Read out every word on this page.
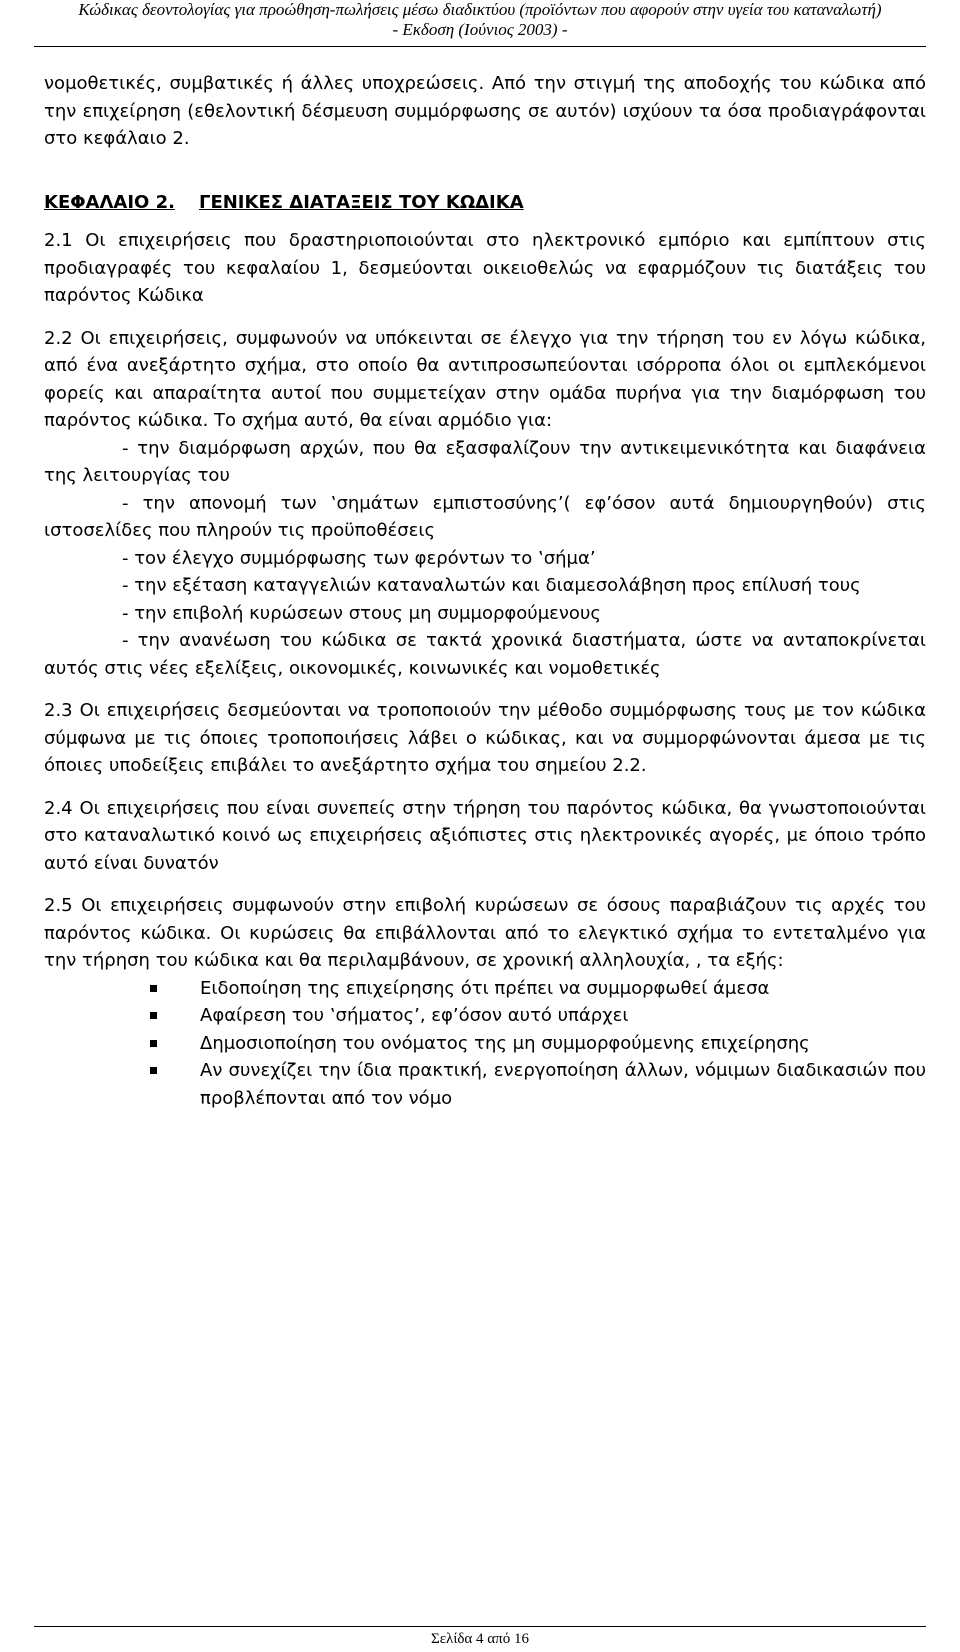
Κώδικας δεοντολογίας για προώθηση-πωλήσεις μέσω διαδικτύου (προϊόντων που αφορούν στην υγεία του καταναλωτή)
- Εκδοση (Ιούνιος 2003) -

νομοθετικές, συμβατικές ή άλλες υποχρεώσεις. Από την στιγμή της αποδοχής του κώδικα από την επιχείρηση (εθελοντική δέσμευση συμμόρφωσης σε αυτόν) ισχύουν τα όσα προδιαγράφονται στο κεφάλαιο 2.

ΚΕΦΑΛΑΙΟ 2. ΓΕΝΙΚΕΣ ΔΙΑΤΑΞΕΙΣ ΤΟΥ ΚΩΔΙΚΑ

2.1 Οι επιχειρήσεις που δραστηριοποιούνται στο ηλεκτρονικό εμπόριο και εμπίπτουν στις προδιαγραφές του κεφαλαίου 1, δεσμεύονται οικειοθελώς να εφαρμόζουν τις διατάξεις του παρόντος Κώδικα

2.2 Οι επιχειρήσεις, συμφωνούν να υπόκεινται σε έλεγχο για την τήρηση του εν λόγω κώδικα, από ένα ανεξάρτητο σχήμα, στο οποίο θα αντιπροσωπεύονται ισόρροπα όλοι οι εμπλεκόμενοι φορείς και απαραίτητα αυτοί που συμμετείχαν στην ομάδα πυρήνα για την διαμόρφωση του παρόντος κώδικα. Το σχήμα αυτό, θα είναι αρμόδιο για:

- την διαμόρφωση αρχών, που θα εξασφαλίζουν την αντικειμενικότητα και διαφάνεια της λειτουργίας του

- την απονομή των ‛σημάτων εμπιστοσύνης’( εφ’όσον αυτά δημιουργηθούν) στις ιστοσελίδες που πληρούν τις προϋποθέσεις

- τον έλεγχο συμμόρφωσης των φερόντων το ‛σήμα’

- την εξέταση καταγγελιών καταναλωτών και διαμεσολάβηση προς επίλυσή τους

- την επιβολή κυρώσεων στους μη συμμορφούμενους

- την ανανέωση του κώδικα σε τακτά χρονικά διαστήματα, ώστε να ανταποκρίνεται αυτός στις νέες εξελίξεις, οικονομικές, κοινωνικές και νομοθετικές

2.3 Οι επιχειρήσεις δεσμεύονται να τροποποιούν την μέθοδο συμμόρφωσης τους με τον κώδικα σύμφωνα με τις όποιες τροποποιήσεις λάβει ο κώδικας, και να συμμορφώνονται άμεσα με τις όποιες υποδείξεις επιβάλει το ανεξάρτητο σχήμα του σημείου 2.2.

2.4 Οι επιχειρήσεις που είναι συνεπείς στην τήρηση του παρόντος κώδικα, θα γνωστοποιούνται στο καταναλωτικό κοινό ως επιχειρήσεις αξιόπιστες στις ηλεκτρονικές αγορές, με όποιο τρόπο αυτό είναι δυνατόν

2.5 Οι επιχειρήσεις συμφωνούν στην επιβολή κυρώσεων σε όσους παραβιάζουν τις αρχές του παρόντος κώδικα. Οι κυρώσεις θα επιβάλλονται από το ελεγκτικό σχήμα το εντεταλμένο για την τήρηση του κώδικα και θα περιλαμβάνουν, σε χρονική αλληλουχία, , τα εξής:

Ειδοποίηση της επιχείρησης ότι πρέπει να συμμορφωθεί άμεσα
Αφαίρεση του ‛σήματος’, εφ’όσον αυτό υπάρχει
Δημοσιοποίηση του ονόματος της μη συμμορφούμενης επιχείρησης
Αν συνεχίζει την ίδια πρακτική, ενεργοποίηση άλλων, νόμιμων διαδικασιών που προβλέπονται από τον νόμο
Σελίδα 4 από 16
